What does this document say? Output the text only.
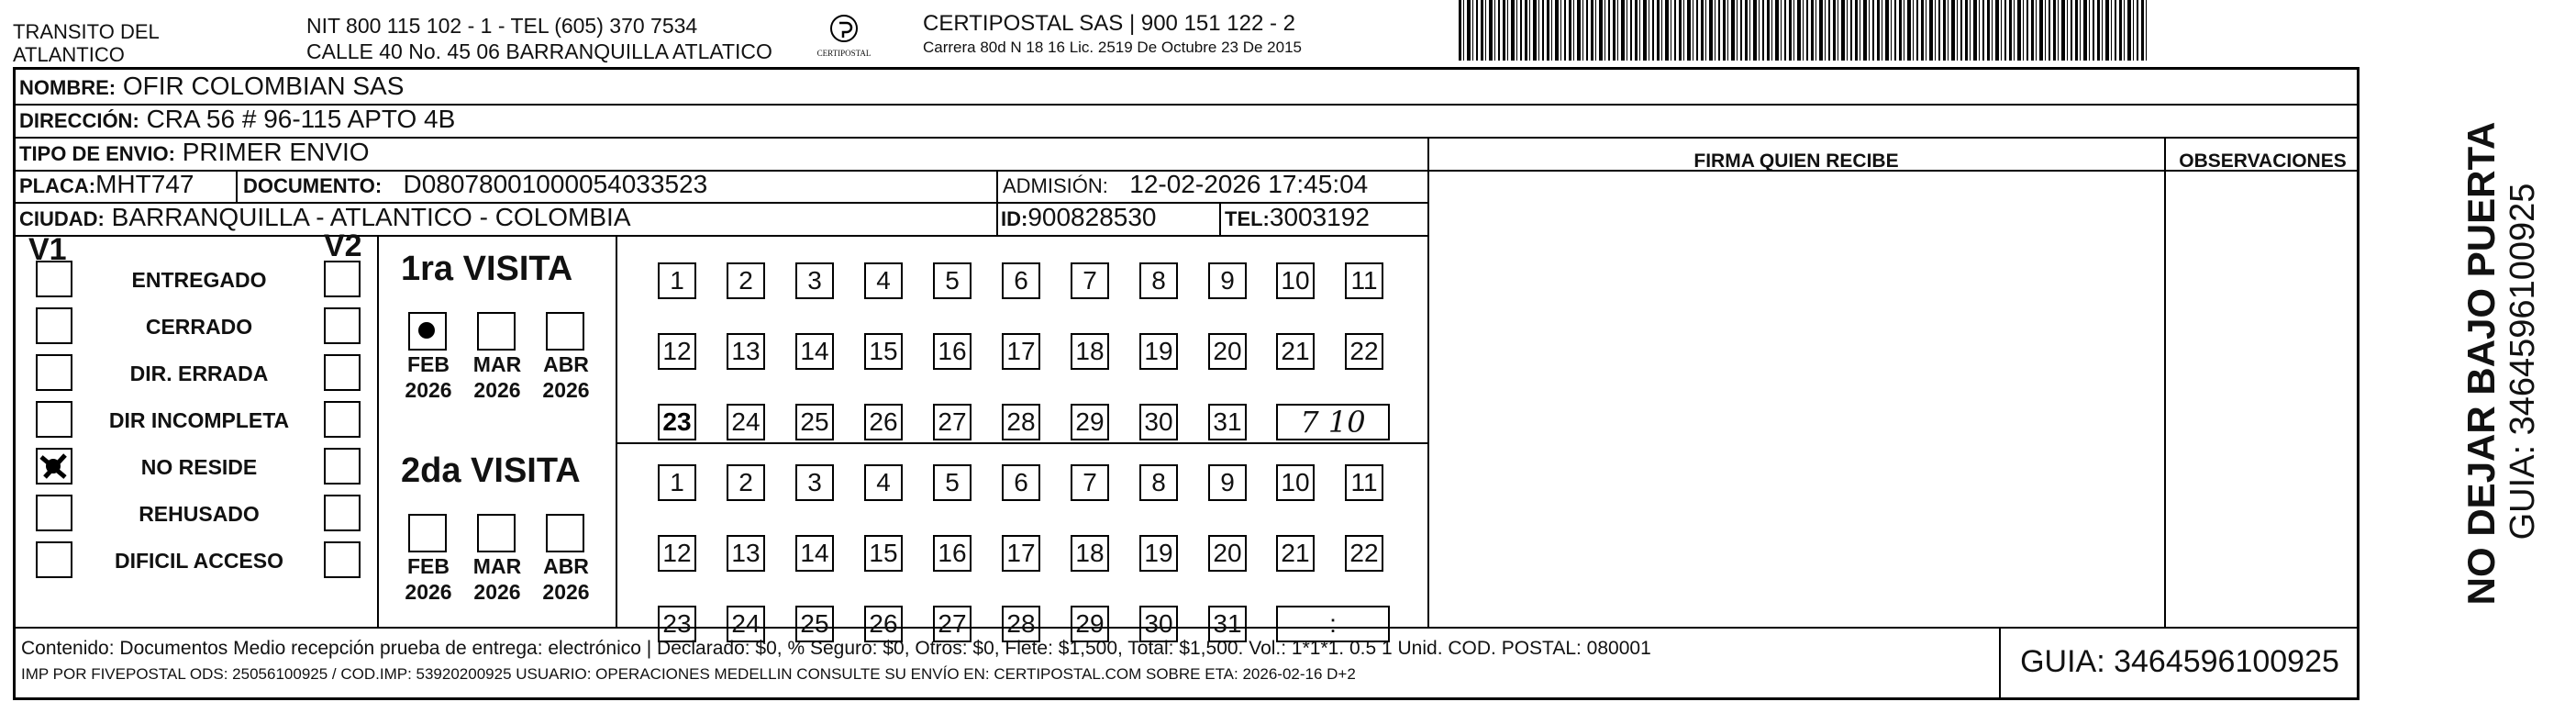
TRANSITO DEL
ATLANTICO
NIT 800 115 102 - 1 - TEL (605) 370 7534
CALLE 40 No. 45 06 BARRANQUILLA ATLATICO	CERTIPOSTAL
CERTIPOSTAL SAS | 900 151 122 - 2
Carrera 80d N 18 16 Lic. 2519 De Octubre 23 De 2015
NOMBRE: OFIR COLOMBIAN SAS
DIRECCIÓN: CRA 56 # 96-115 APTO 4B
TIPO DE ENVIO: PRIMER ENVIO	FIRMA QUIEN RECIBE	OBSERVACIONES
PLACA:MHT747 DOCUMENTO: D08078001000054033523	ADMISIÓN: 12-02-2026 17:45:04
CIUDAD: BARRANQUILLA - ATLANTICO - COLOMBIA	ID:900828530	TEL:3003192
V1	V2
ENTREGADO
CERRADO
DIR. ERRADA
DIR INCOMPLETA
NO RESIDE
REHUSADO
DIFICIL ACCESO
1ra VISITA
2da VISITA
FEB
2026
MAR
2026
ABR
2026
FEB
2026
MAR
2026
ABR
2026
1	2	3	4	5	6	7	8	9	10 11
12 13 14 15 16 17 18 19 20 21 22
23 24 25 26 27 28 29 30 31	7 10
1	2	3	4	5	6	7	8	9	10 11
12 13 14 15 16 17 18 19 20 21 22
23 24 25 26 27 28 29 30 31	:
Contenido: Documentos Medio recepción prueba de entrega: electrónico | Declarado: $0, % Seguro: $0, Otros: $0, Flete: $1,500, Total: $1,500. Vol.: 1*1*1. 0.5 1 Unid. COD. POSTAL: 080001
IMP POR FIVEPOSTAL ODS: 25056100925 / COD.IMP: 53920200925 USUARIO: OPERACIONES MEDELLIN CONSULTE SU ENVÍO EN: CERTIPOSTAL.COM SOBRE ETA: 2026-02-16 D+2	GUIA: 3464596100925
NO DEJAR BAJO PUERTA GUIA: 3464596100925
